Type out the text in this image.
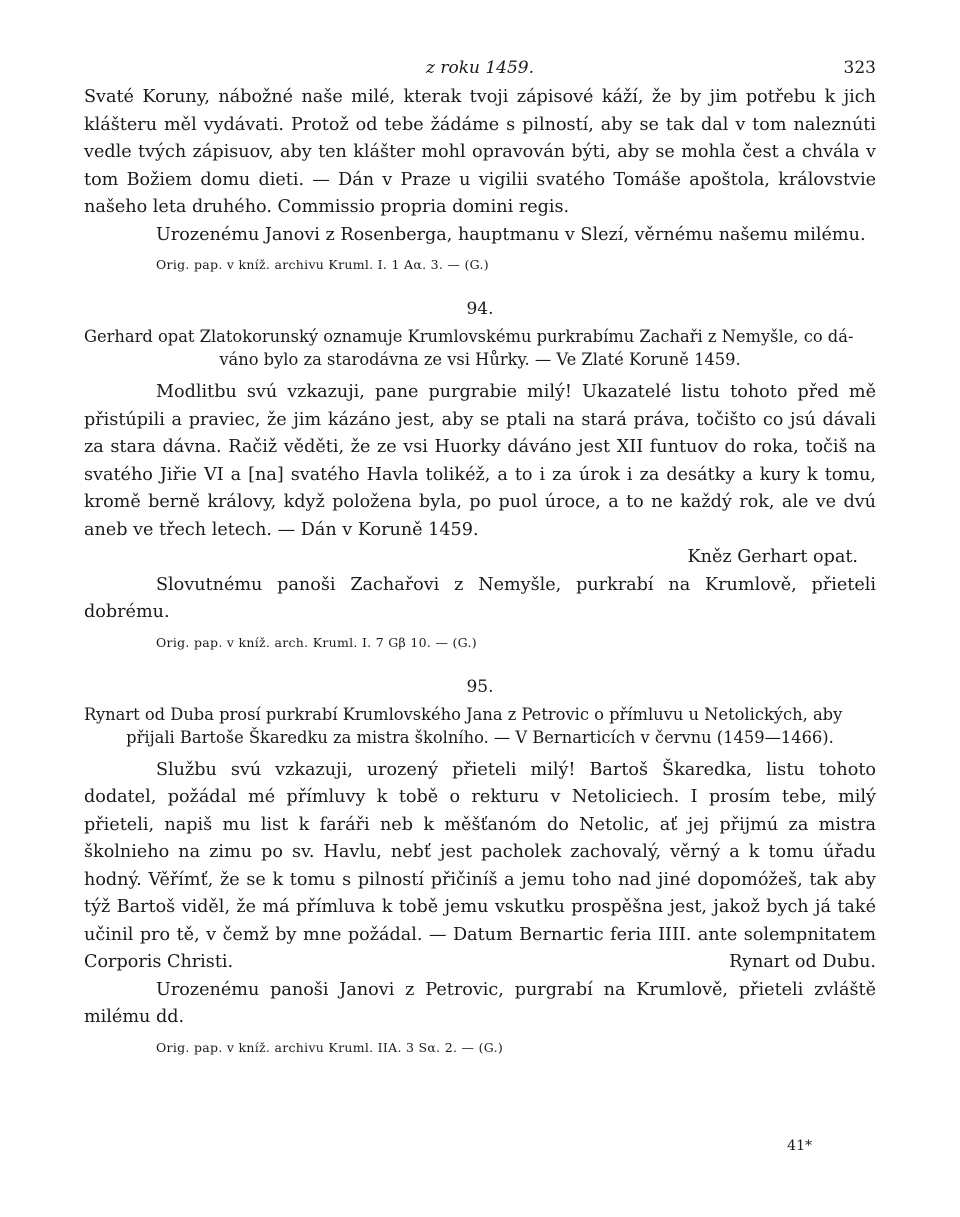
z roku 1459.	323

Svaté Koruny, nábožné naše milé, kterak tvoji zápisové káží, že by jim potřebu k jich klášteru měl vydávati. Protož od tebe žádáme s pilností, aby se tak dal v tom naleznúti vedle tvých zápisuov, aby ten klášter mohl opravován býti, aby se mohla čest a chvála v tom Božiem domu dieti. — Dán v Praze u vigilii svatého Tomáše apoštola, královstvie našeho leta druhého. Commissio propria domini regis.

Urozenému Janovi z Rosenberga, hauptmanu v Slezí, věrnému našemu milému.

Orig. pap. v kníž. archivu Kruml. I. 1 Aα. 3. — (G.)

94.

Gerhard opat Zlatokorunský oznamuje Krumlovskému purkrabímu Zachaři z Nemyšle, co dá-
váno bylo za starodávna ze vsi Hůrky. — Ve Zlaté Koruně 1459.

Modlitbu svú vzkazuji, pane purgrabie milý! Ukazatelé listu tohoto před mě přistúpili a praviec, že jim kázáno jest, aby se ptali na stará práva, točišto co jsú dávali za stara dávna. Račiž věděti, že ze vsi Huorky dáváno jest XII funtuov do roka, točiš na svatého Jiřie VI a [na] svatého Havla tolikéž, a to i za úrok i za desátky a kury k tomu, kromě berně královy, když položena byla, po puol úroce, a to ne každý rok, ale ve dvú aneb ve třech letech. — Dán v Koruně 1459.

Kněz Gerhart opat.

Slovutnému panoši Zachařovi z Nemyšle, purkrabí na Krumlově, přieteli dobrému.

Orig. pap. v kníž. arch. Kruml. I. 7 Gβ 10. — (G.)

95.

Rynart od Duba prosí purkrabí Krumlovského Jana z Petrovic o přímluvu u Netolických, aby
přijali Bartoše Škaredku za mistra školního. — V Bernarticích v červnu (1459—1466).

Službu svú vzkazuji, urozený přieteli milý! Bartoš Škaredka, listu tohoto dodatel, požádal mé přímluvy k tobě o rekturu v Netoliciech. I prosím tebe, milý přieteli, napiš mu list k faráři neb k měšťanóm do Netolic, ať jej přijmú za mistra školnieho na zimu po sv. Havlu, nebť jest pacholek zachovalý, věrný a k tomu úřadu hodný. Věřímť, že se k tomu s pilností přičiníš a jemu toho nad jiné dopomóžeš, tak aby týž Bartoš viděl, že má přímluva k tobě jemu vskutku prospěšna jest, jakož bych já také učinil pro tě, v čemž by mne požádal. — Datum Bernartic feria IIII. ante solempnitatem Corporis Christi.	Rynart od Dubu.

Urozenému panoši Janovi z Petrovic, purgrabí na Krumlově, přieteli zvláště milému dd.

Orig. pap. v kníž. archivu Kruml. IIA. 3 Sα. 2. — (G.)

41*
